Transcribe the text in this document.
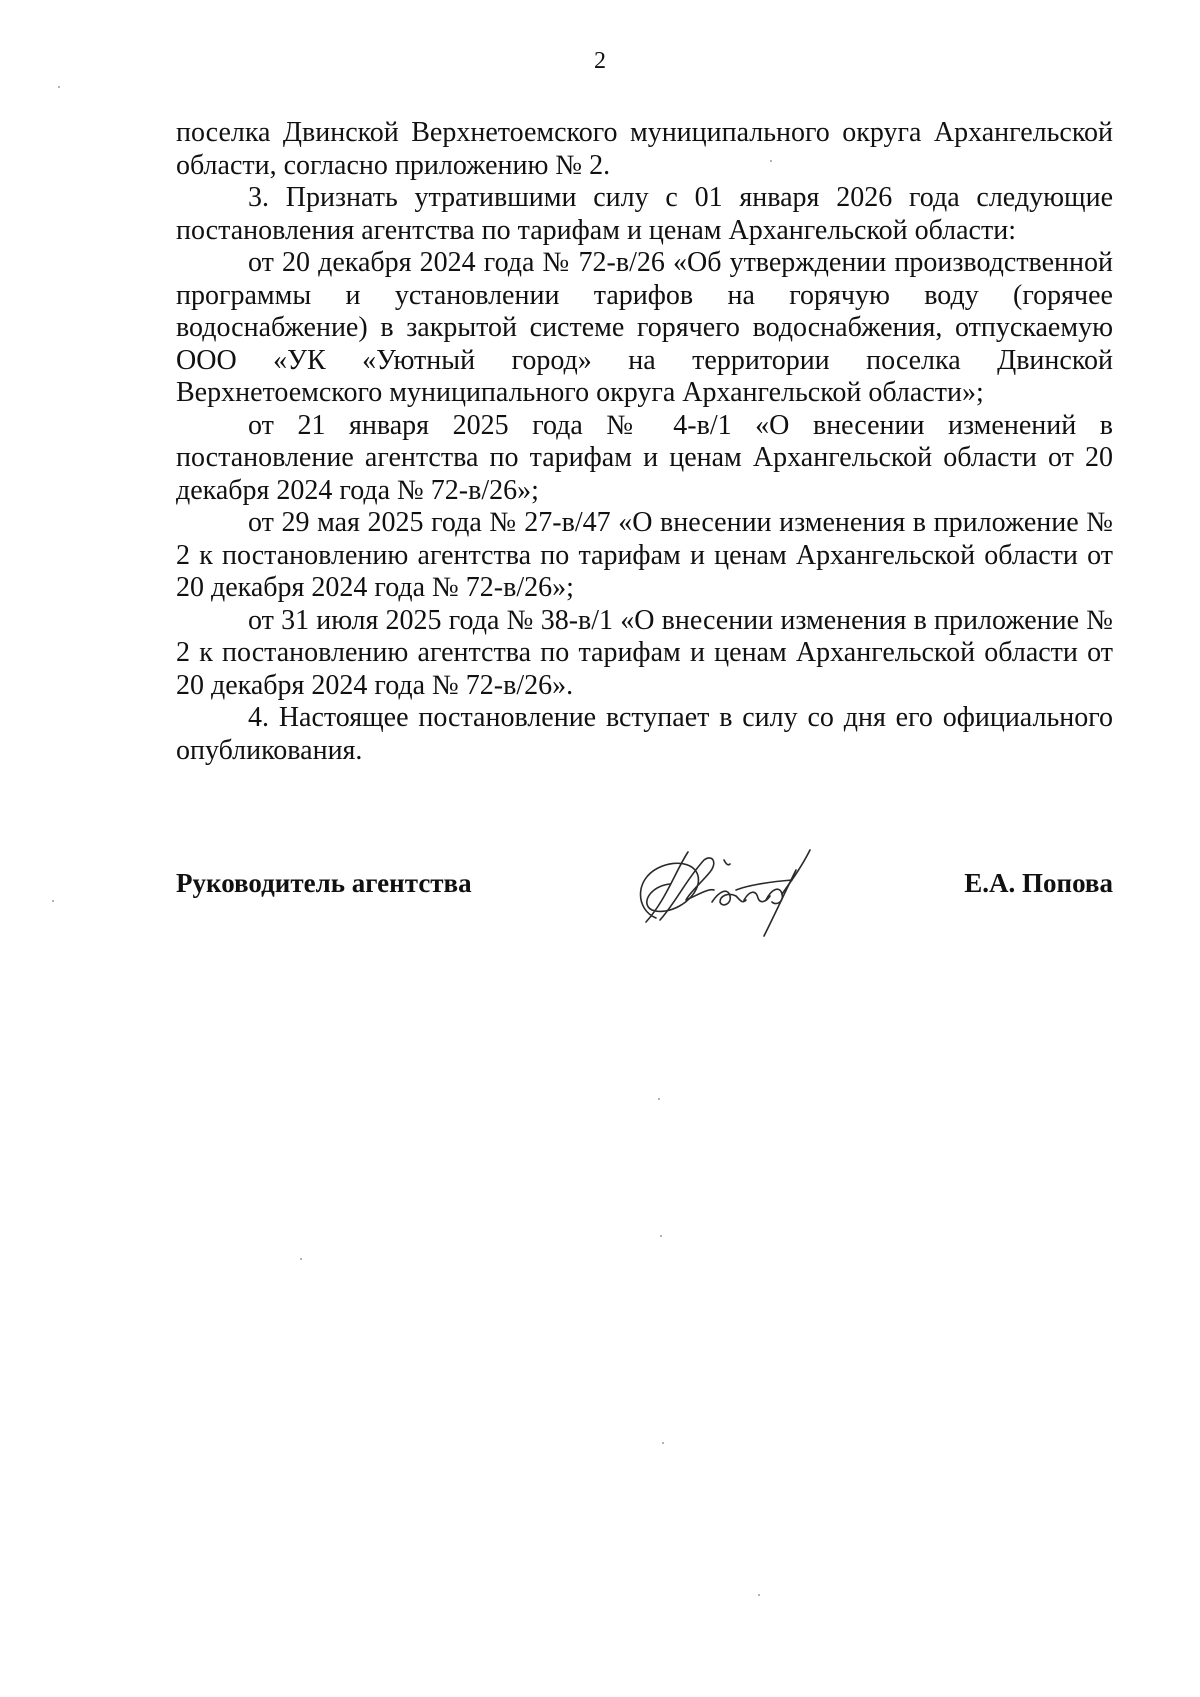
2

поселка Двинской Верхнетоемского муниципального округа Архангельской области, согласно приложению № 2.

3. Признать утратившими силу с 01 января 2026 года следующие постановления агентства по тарифам и ценам Архангельской области:

от 20 декабря 2024 года № 72-в/26 «Об утверждении производственной программы и установлении тарифов на горячую воду (горячее водоснабжение) в закрытой системе горячего водоснабжения, отпускаемую ООО «УК «Уютный город» на территории поселка Двинской Верхнетоемского муниципального округа Архангельской области»;

от 21 января 2025 года № 4-в/1 «О внесении изменений в постановление агентства по тарифам и ценам Архангельской области от 20 декабря 2024 года № 72-в/26»;

от 29 мая 2025 года № 27-в/47 «О внесении изменения в приложение № 2 к постановлению агентства по тарифам и ценам Архангельской области от 20 декабря 2024 года № 72-в/26»;

от 31 июля 2025 года № 38-в/1 «О внесении изменения в приложение № 2 к постановлению агентства по тарифам и ценам Архангельской области от 20 декабря 2024 года № 72-в/26».

4. Настоящее постановление вступает в силу со дня его официального опубликования.

Руководитель агентства	Е.А. Попова
